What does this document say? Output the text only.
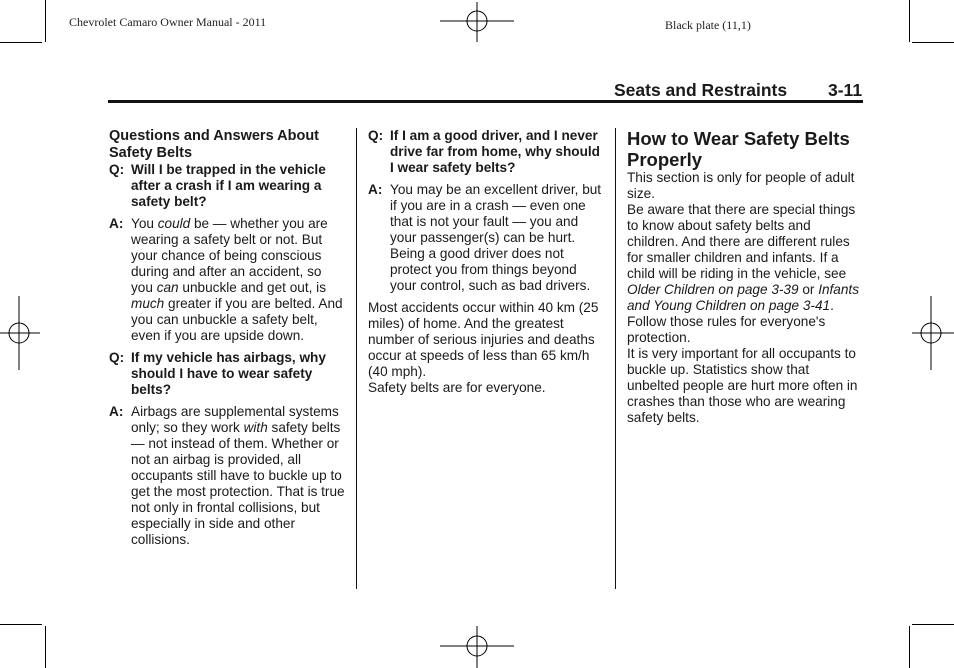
Chevrolet Camaro Owner Manual - 2011	Black plate (11,1)
Seats and Restraints 3-11

Questions and Answers About Safety Belts

Q: Will I be trapped in the vehicle after a crash if I am wearing a safety belt?
A: You could be — whether you are wearing a safety belt or not. But your chance of being conscious during and after an accident, so you can unbuckle and get out, is much greater if you are belted. And you can unbuckle a safety belt, even if you are upside down.
Q: If my vehicle has airbags, why should I have to wear safety belts?
A: Airbags are supplemental systems only; so they work with safety belts — not instead of them. Whether or not an airbag is provided, all occupants still have to buckle up to get the most protection. That is true not only in frontal collisions, but especially in side and other collisions.
Q: If I am a good driver, and I never drive far from home, why should I wear safety belts?
A: You may be an excellent driver, but if you are in a crash — even one that is not your fault — you and your passenger(s) can be hurt. Being a good driver does not protect you from things beyond your control, such as bad drivers.

Most accidents occur within 40 km (25 miles) of home. And the greatest number of serious injuries and deaths occur at speeds of less than 65 km/h (40 mph).

Safety belts are for everyone.

How to Wear Safety Belts Properly

This section is only for people of adult size.

Be aware that there are special things to know about safety belts and children. And there are different rules for smaller children and infants. If a child will be riding in the vehicle, see Older Children on page 3-39 or Infants and Young Children on page 3-41. Follow those rules for everyone's protection.

It is very important for all occupants to buckle up. Statistics show that unbelted people are hurt more often in crashes than those who are wearing safety belts.
